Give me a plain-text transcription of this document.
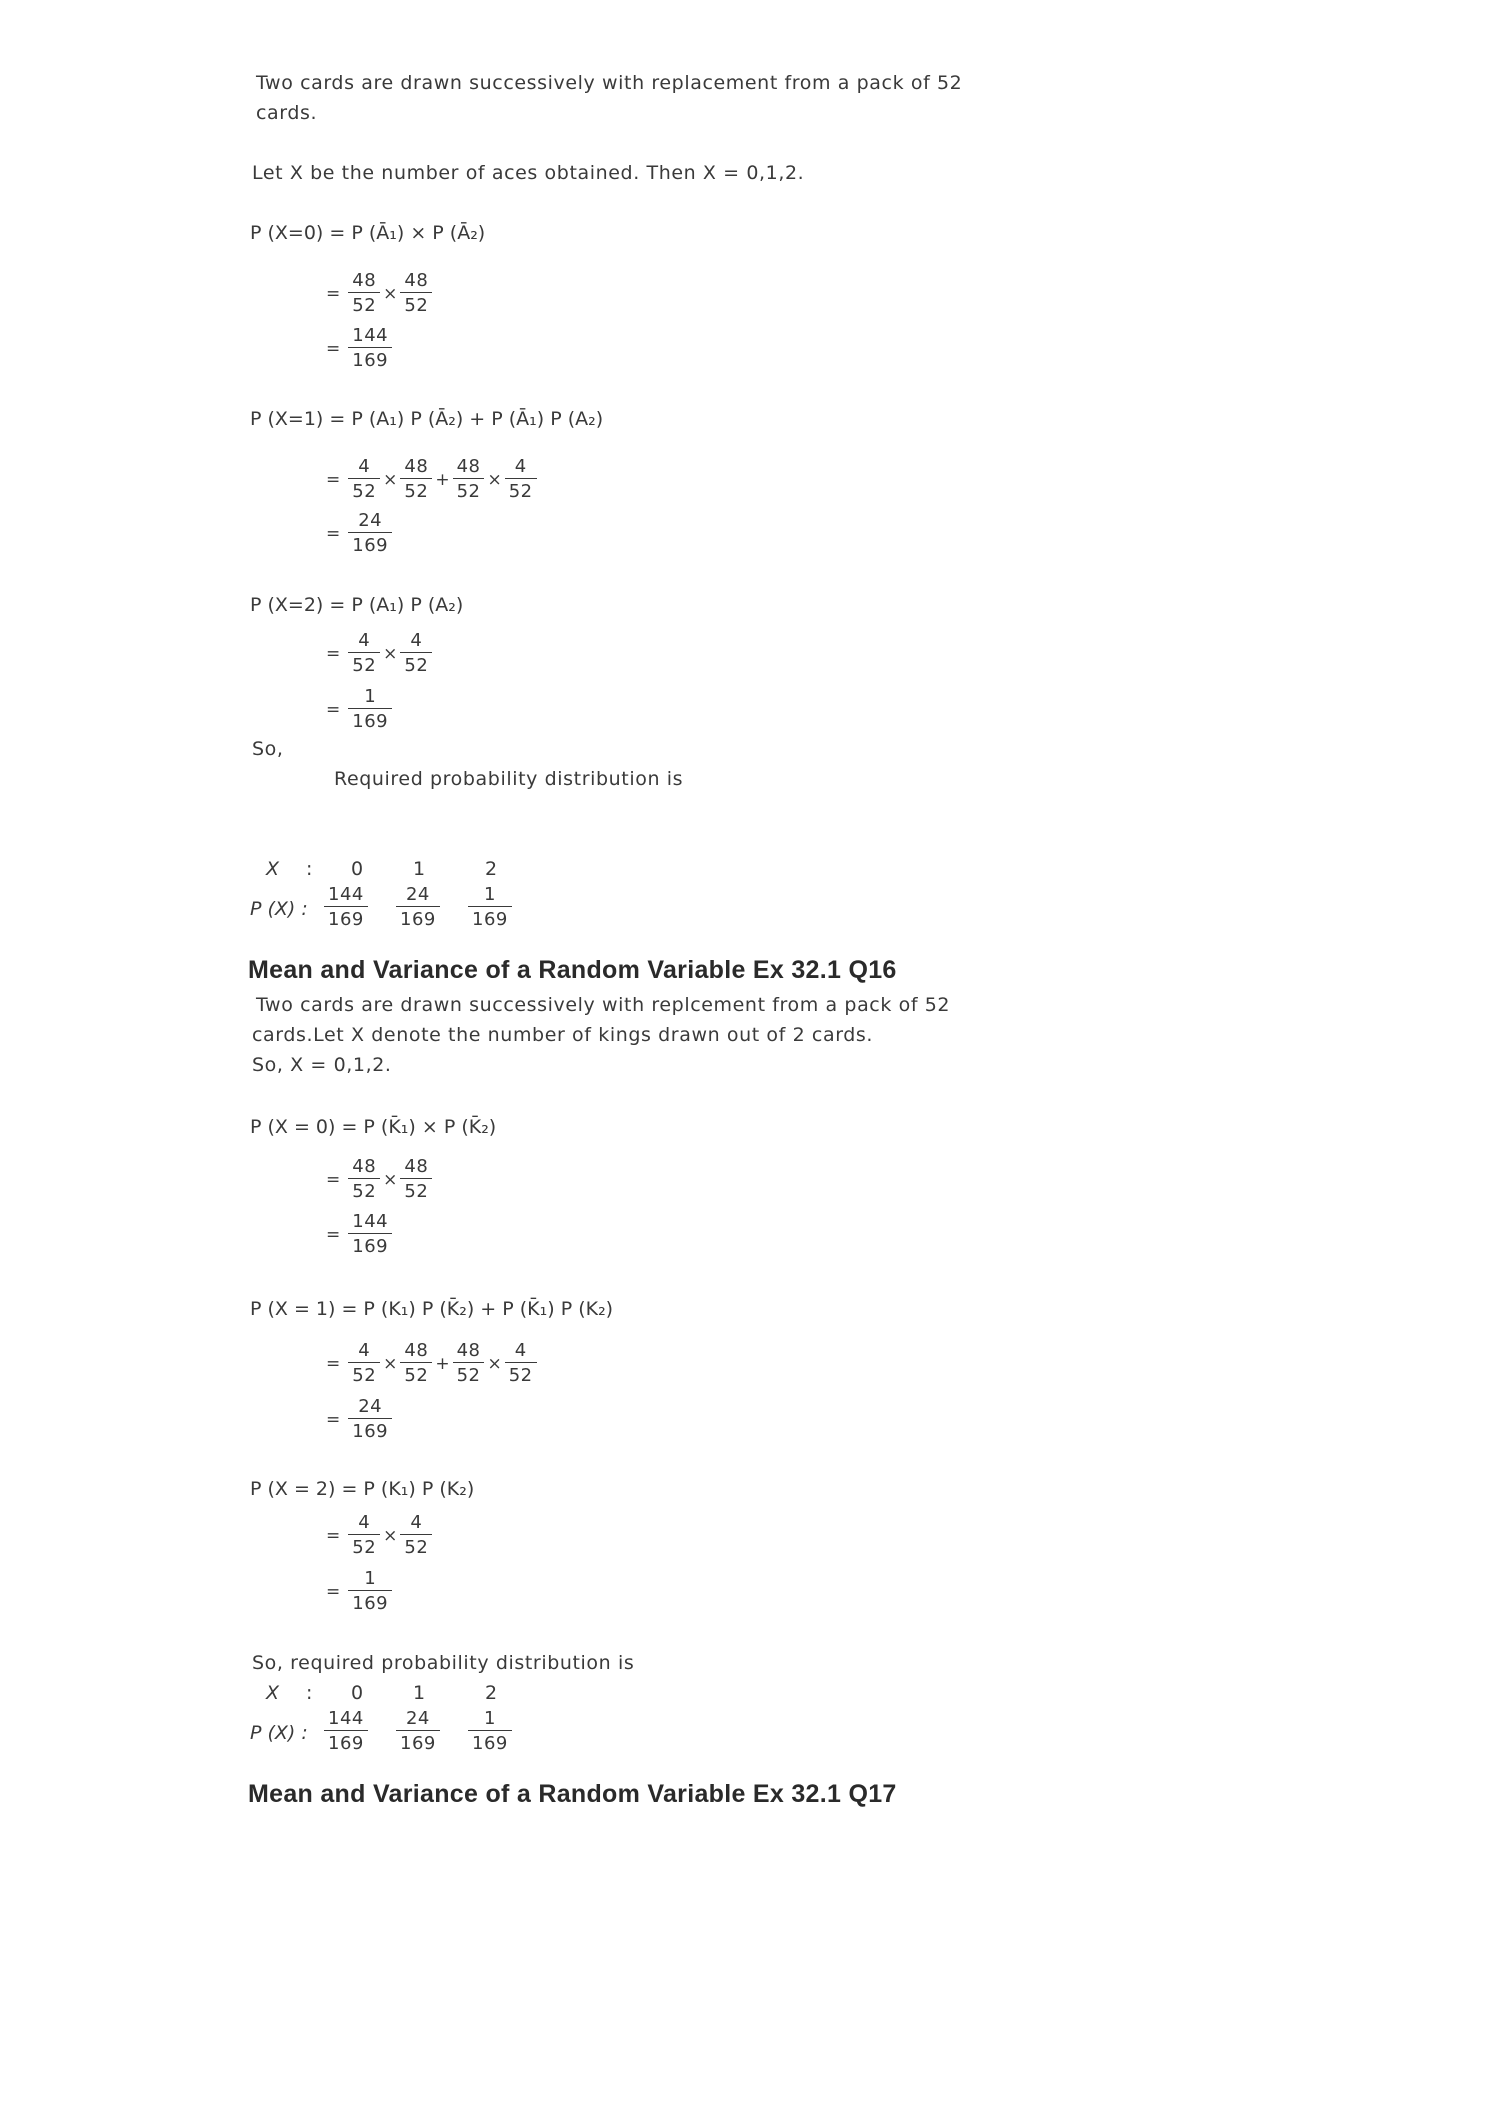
Two cards are drawn successively with replacement from a pack of 52
cards.
Let X be the number of aces obtained. Then X = 0,1,2.
P (X=0) = P (Ā₁) × P (Ā₂)
= $\frac{48}{52} \times \frac{48}{52}$
= $\frac{144}{169}$
P (X=1) = P (A₁) P (Ā₂) + P (Ā₁) P (A₂)
= $\frac{4}{52} \times \frac{48}{52} + \frac{48}{52} \times \frac{4}{52}$
= $\frac{24}{169}$
P (X=2) = P (A₁) P (A₂)
= $\frac{4}{52} \times \frac{4}{52}$
= $\frac{1}{169}$
So,
Required probability distribution is
X :	0	1	2
P (X) : $\frac{144}{169} \frac{24}{169} \frac{1}{169}$
Mean and Variance of a Random Variable Ex 32.1 Q16
Two cards are drawn successively with replcement from a pack of 52
cards.Let X denote the number of kings drawn out of 2 cards.
So, X = 0,1,2.
P (X = 0) = P (K̄₁) × P (K̄₂)
= $\frac{48}{52} \times \frac{48}{52}$
= $\frac{144}{169}$
P (X = 1) = P (K₁) P (K̄₂) + P (K̄₁) P (K₂)
= $\frac{4}{52} \times \frac{48}{52} + \frac{48}{52} \times \frac{4}{52}$
= $\frac{24}{169}$
P (X = 2) = P (K₁) P (K₂)
= $\frac{4}{52} \times \frac{4}{52}$
= $\frac{1}{169}$
So, required probability distribution is
X :	0	1	2
P (X) : $\frac{144}{169} \frac{24}{169} \frac{1}{169}$
Mean and Variance of a Random Variable Ex 32.1 Q17
